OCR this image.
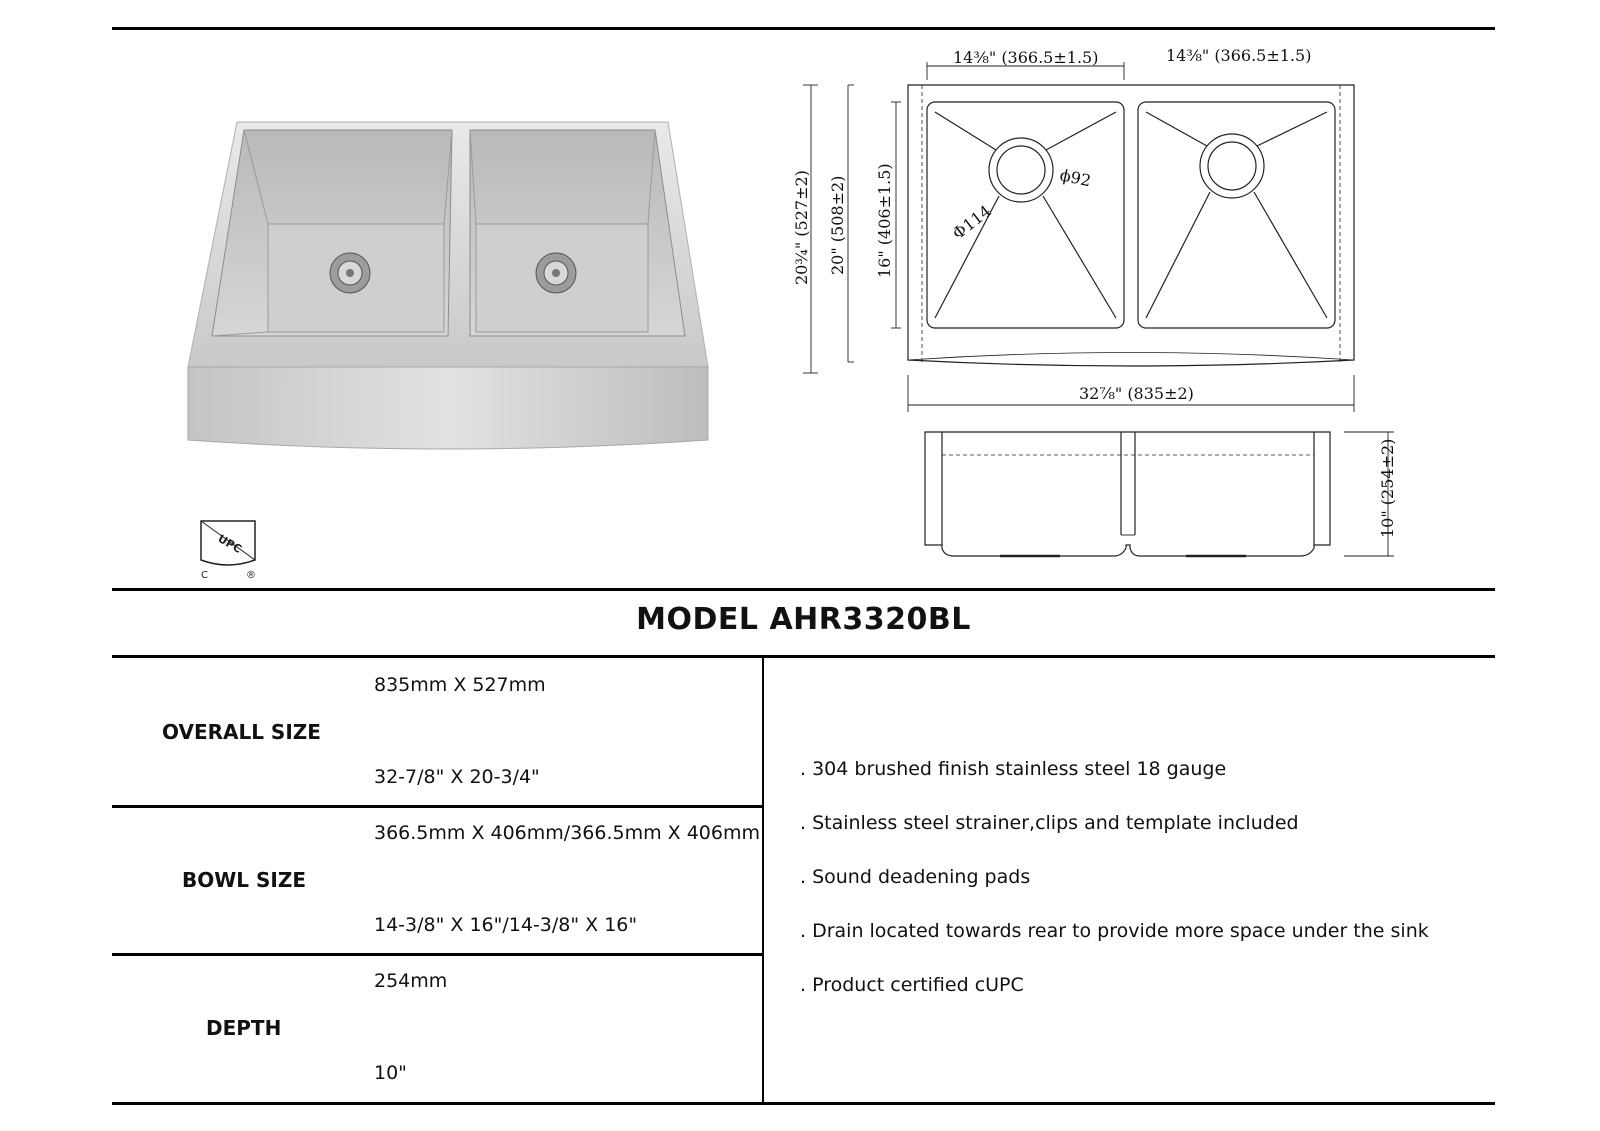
UPC
C	®
14⅜" (366.5±1.5)	14⅜" (366.5±1.5)
20¾" (527±2) 20" (508±2) 16" (406±1.5)
32⅞" (835±2)
10" (254±2)
ϕ92
Φ114
MODEL AHR3320BL
OVERALL SIZE
835mm X 527mm
32-7/8" X 20-3/4"
BOWL SIZE
366.5mm X 406mm/366.5mm X 406mm
14-3/8" X 16"/14-3/8" X 16"
DEPTH
254mm
10"
. 304 brushed finish stainless steel 18 gauge
. Stainless steel strainer,clips and template included
. Sound deadening pads
. Drain located towards rear to provide more space under the sink
. Product certified cUPC
